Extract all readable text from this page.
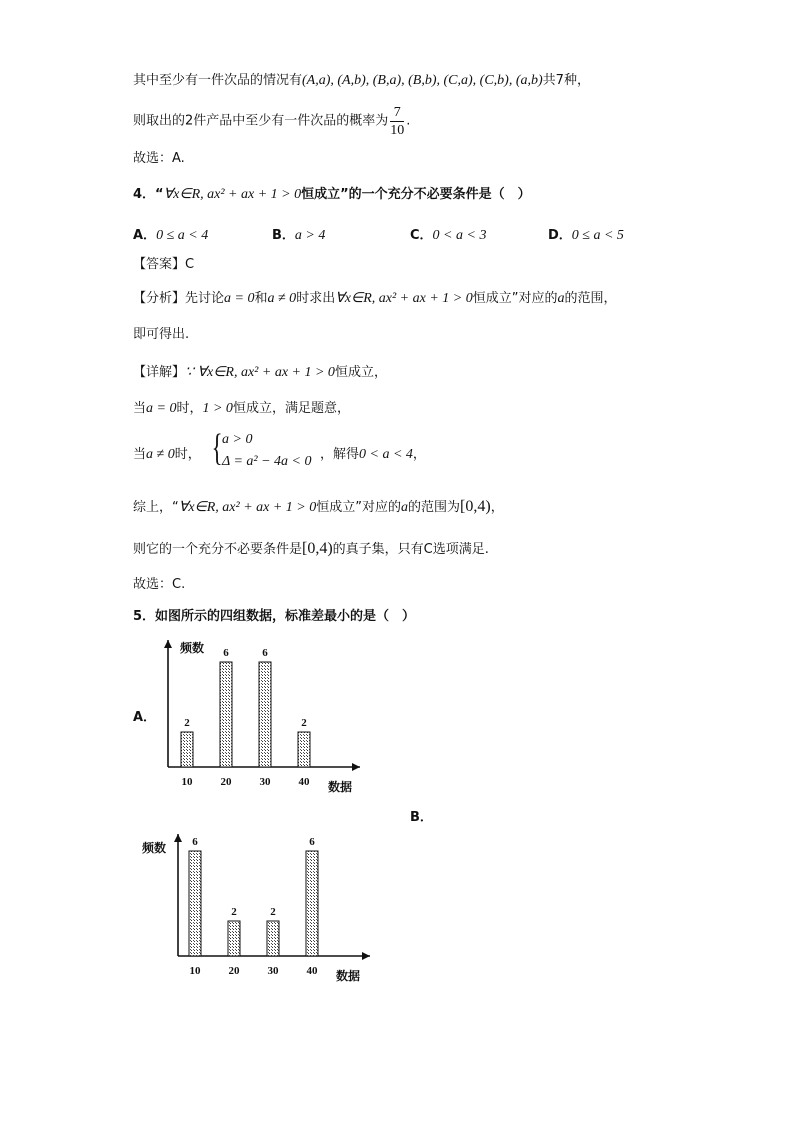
其中至少有一件次品的情况有(A,a), (A,b), (B,a), (B,b), (C,a), (C,b), (a,b)共7种，
则取出的2件产品中至少有一件次品的概率为 $\frac{7}{10}$ .
故选：A.
4．“∀x∈R, ax² + ax + 1 > 0恒成立”的一个充分不必要条件是（　）
A．0 ≤ a < 4	B．a > 4	C．0 < a < 3	D．0 ≤ a < 5
【答案】C
【分析】先讨论a = 0和a ≠ 0时求出∀x∈R, ax² + ax + 1 > 0恒成立”对应的a的范围，
即可得出.
【详解】∵ ∀x∈R, ax² + ax + 1 > 0恒成立，
当a = 0时，1 > 0恒成立，满足题意，
当a ≠ 0时， { a > 0
Δ = a² − 4a < 0 ，解得0 < a < 4，
综上，“∀x∈R, ax² + ax + 1 > 0恒成立”对应的a的范围为[0,4)，
则它的一个充分不必要条件是[0,4)的真子集，只有C选项满足.
故选：C.
5．如图所示的四组数据，标准差最小的是（　）
A．
B．
频数
数据
2
10
6
20
6
30
2
40
频数
数据
6
10
2
20
2
30
6
40
